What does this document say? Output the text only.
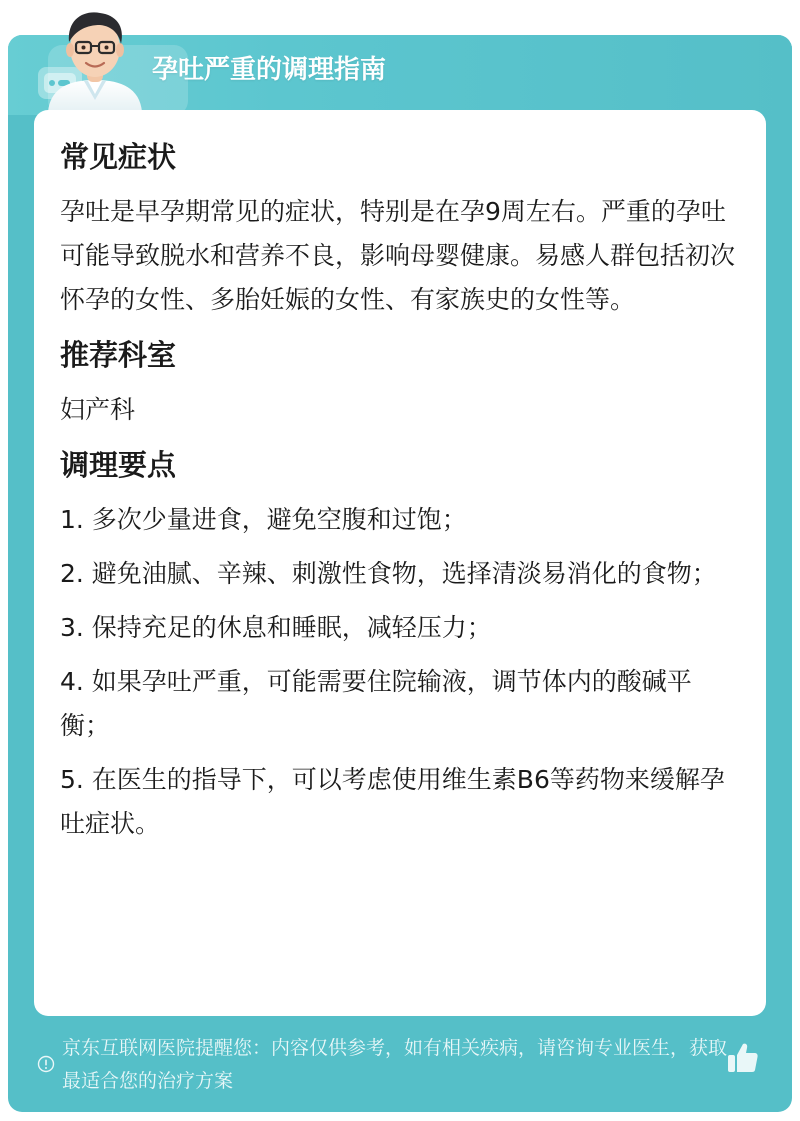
孕吐严重的调理指南
常见症状

孕吐是早孕期常见的症状，特别是在孕9周左右。严重的孕吐可能导致脱水和营养不良，影响母婴健康。易感人群包括初次怀孕的女性、多胎妊娠的女性、有家族史的女性等。

推荐科室

妇产科

调理要点

1. 多次少量进食，避免空腹和过饱；

2. 避免油腻、辛辣、刺激性食物，选择清淡易消化的食物；

3. 保持充足的休息和睡眠，减轻压力；

4. 如果孕吐严重，可能需要住院输液，调节体内的酸碱平衡；

5. 在医生的指导下，可以考虑使用维生素B6等药物来缓解孕吐症状。

京东互联网医院提醒您：内容仅供参考，如有相关疾病，请咨询专业医生，获取最适合您的治疗方案
